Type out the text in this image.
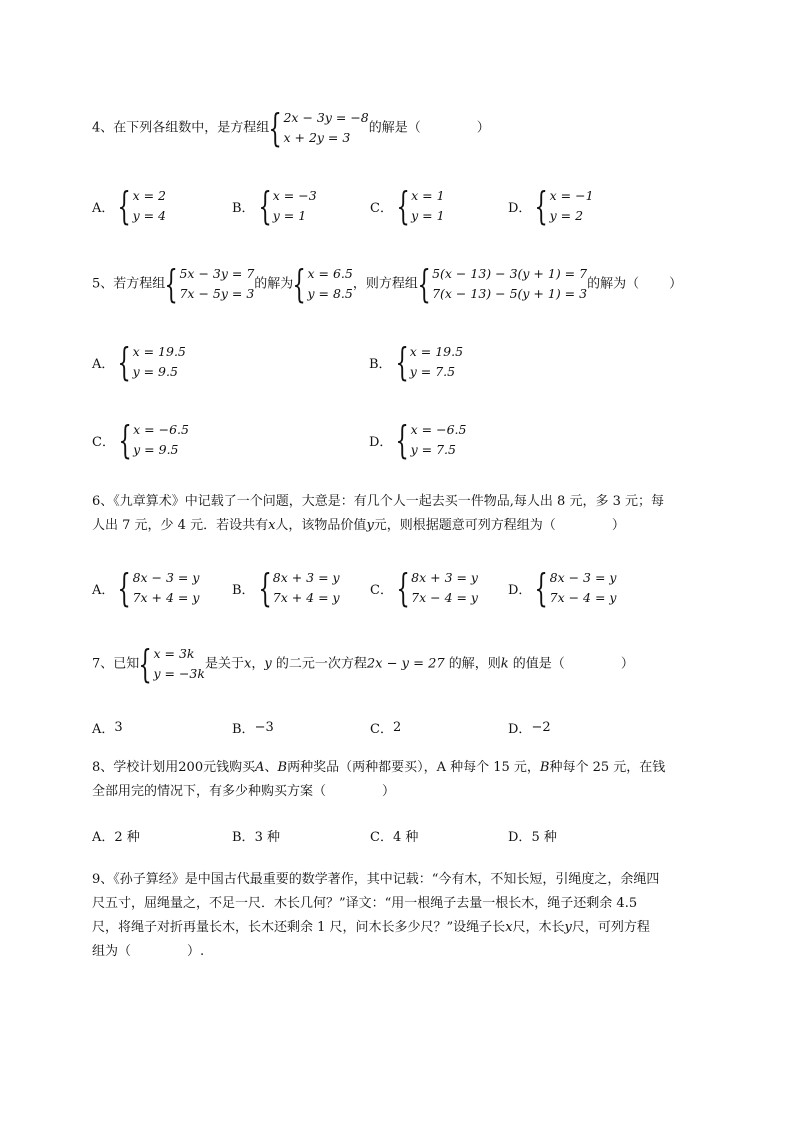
4、在下列各组数中，是方程组 { 2x − 3y = −8
x + 2y = 3
的解是（	）
A． { x = 2
y = 4	B． { x = −3
y = 1	C． { x = 1
y = 1	D． { x = −1
y = 2
5、若方程组 { 5x − 3y = 7
7x − 5y = 3
的解为 { x = 6.5
y = 8.5
，则方程组 { 5(x − 13) − 3(y + 1) = 7
7(x − 13) − 5(y + 1) = 3
的解为（ ）
A． { x = 19.5
y = 9.5	B． { x = 19.5
y = 7.5
C． { x = −6.5
y = 9.5	D． { x = −6.5
y = 7.5
6、《九章算术》中记载了一个问题，大意是：有几个人一起去买一件物品,每人出 8 元，多 3 元；每
人出 7 元，少 4 元．若设共有x人，该物品价值y元，则根据题意可列方程组为（	）
A． { 8x − 3 = y
7x + 4 = y	B． { 8x + 3 = y
7x + 4 = y C． { 8x + 3 = y
7x − 4 = y D． { 8x − 3 = y
7x − 4 = y
7、已知 { x = 3k
y = −3k
是关于x，y 的二元一次方程2x − y = 27 的解，则k 的值是（	）
A． 3	B． −3	C． 2	D． −2
8、学校计划用200元钱购买A、B两种奖品（两种都要买），A 种每个 15 元，B种每个 25 元，在钱
全部用完的情况下，有多少种购买方案（	）
A． 2 种	B． 3 种	C． 4 种	D． 5 种
9、《孙子算经》是中国古代最重要的数学著作，其中记载：“今有木，不知长短，引绳度之，余绳四
尺五寸，屈绳量之，不足一尺．木长几何？”译文：“用一根绳子去量一根长木，绳子还剩余 4.5
尺，将绳子对折再量长木，长木还剩余 1 尺，问木长多少尺？”设绳子长x尺，木长y尺，可列方程
组为（	）.
